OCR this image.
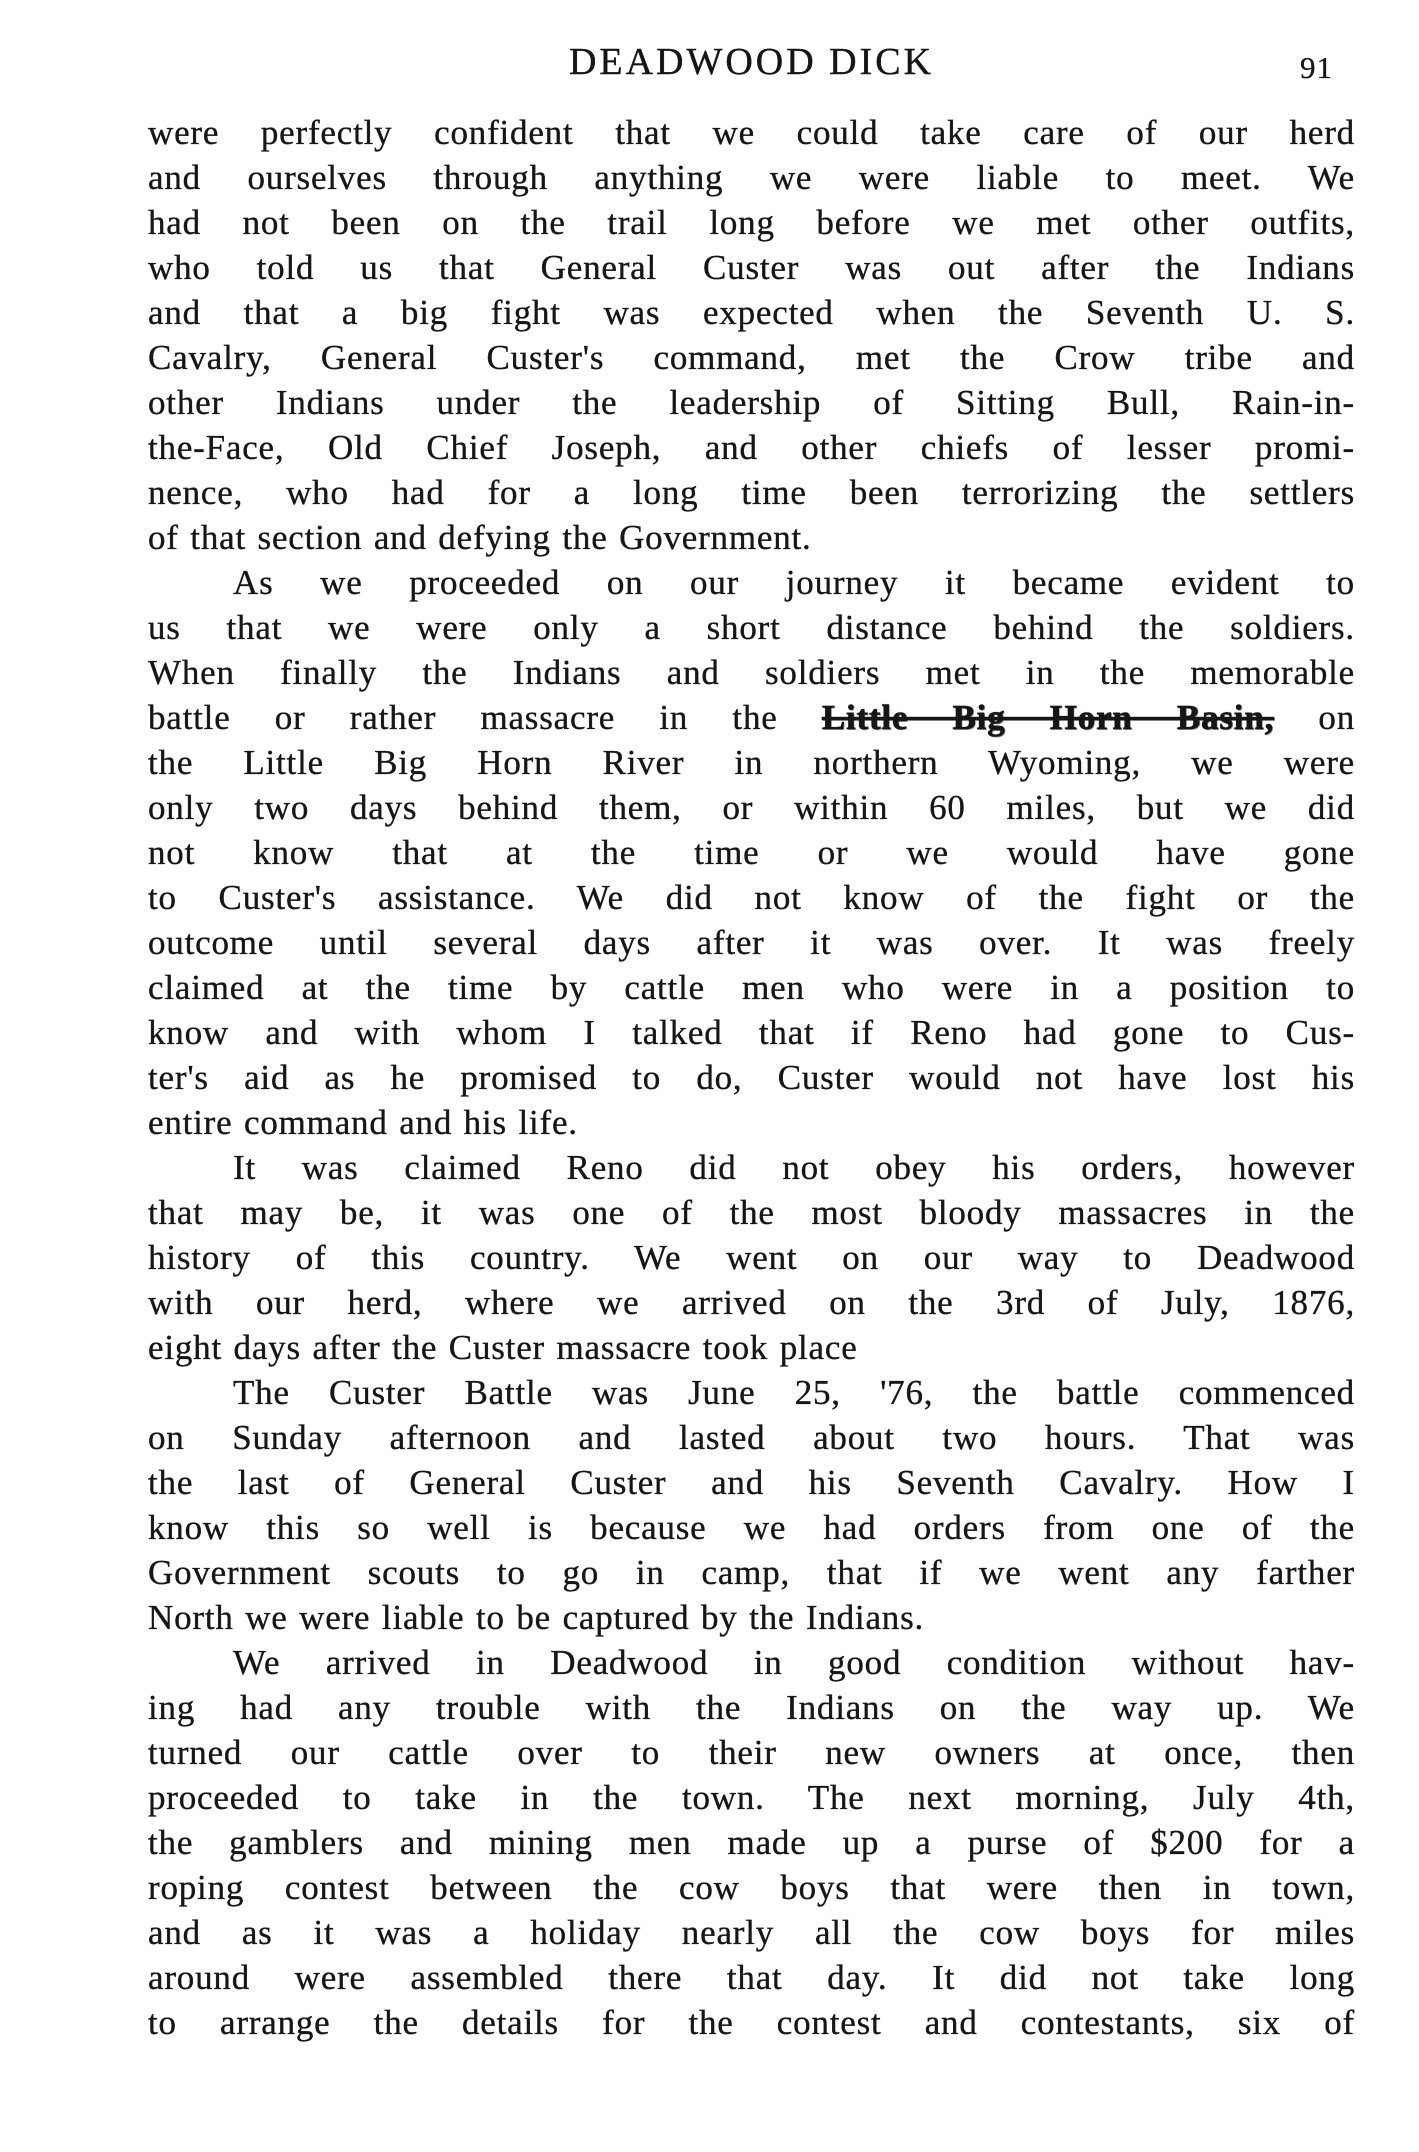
DEADWOOD DICK	91
were perfectly confident that we could take care of our herd
and ourselves through anything we were liable to meet. We
had not been on the trail long before we met other outfits,
who told us that General Custer was out after the Indians
and that a big fight was expected when the Seventh U. S.
Cavalry, General Custer's command, met the Crow tribe and
other Indians under the leadership of Sitting Bull, Rain-in-
the-Face, Old Chief Joseph, and other chiefs of lesser promi-
nence, who had for a long time been terrorizing the settlers
of that section and defying the Government.
As we proceeded on our journey it became evident to
us that we were only a short distance behind the soldiers.
When finally the Indians and soldiers met in the memorable
battle or rather massacre in the Little Big Horn Basin, on
the Little Big Horn River in northern Wyoming, we were
only two days behind them, or within 60 miles, but we did
not know that at the time or we would have gone
to Custer's assistance. We did not know of the fight or the
outcome until several days after it was over. It was freely
claimed at the time by cattle men who were in a position to
know and with whom I talked that if Reno had gone to Cus-
ter's aid as he promised to do, Custer would not have lost his
entire command and his life.
It was claimed Reno did not obey his orders, however
that may be, it was one of the most bloody massacres in the
history of this country. We went on our way to Deadwood
with our herd, where we arrived on the 3rd of July, 1876,
eight days after the Custer massacre took place
The Custer Battle was June 25, '76, the battle commenced
on Sunday afternoon and lasted about two hours. That was
the last of General Custer and his Seventh Cavalry. How I
know this so well is because we had orders from one of the
Government scouts to go in camp, that if we went any farther
North we were liable to be captured by the Indians.
We arrived in Deadwood in good condition without hav-
ing had any trouble with the Indians on the way up. We
turned our cattle over to their new owners at once, then
proceeded to take in the town. The next morning, July 4th,
the gamblers and mining men made up a purse of $200 for a
roping contest between the cow boys that were then in town,
and as it was a holiday nearly all the cow boys for miles
around were assembled there that day. It did not take long
to arrange the details for the contest and contestants, six of
